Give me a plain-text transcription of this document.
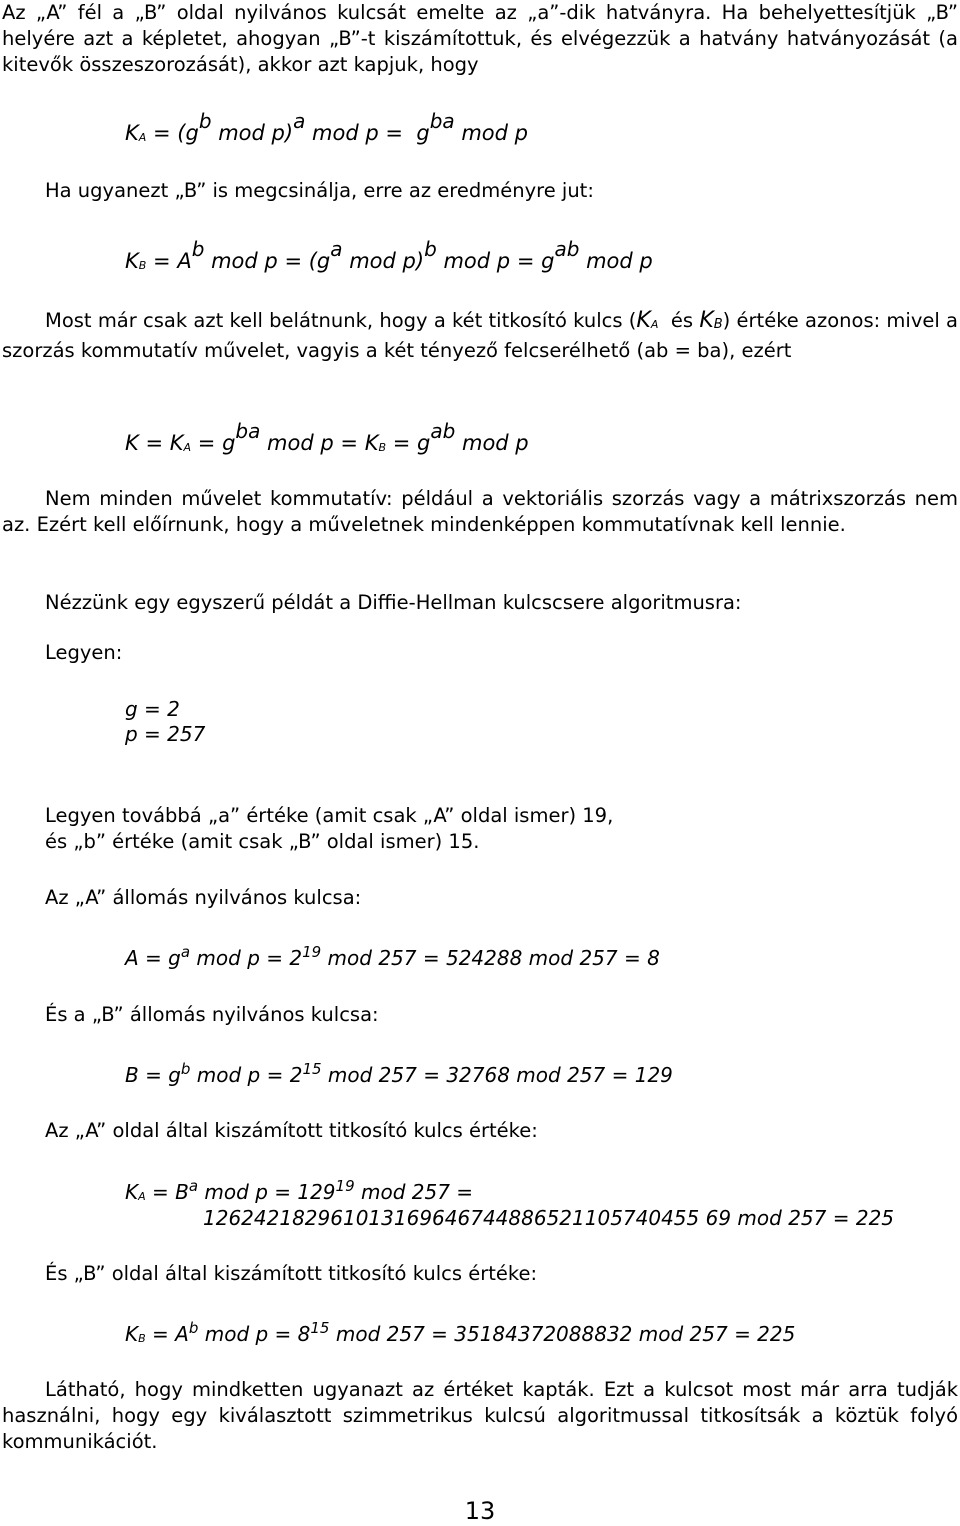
Az „A” fél a „B” oldal nyilvános kulcsát emelte az „a”-dik hatványra. Ha behelyettesítjük „B” helyére azt a képletet, ahogyan „B”-t kiszámítottuk, és elvégezzük a hatvány hatványozását (a kitevők összeszorozását), akkor azt kapjuk, hogy

KA = (gb mod p)a mod p = gba mod p

Ha ugyanezt „B” is megcsinálja, erre az eredményre jut:

KB = Ab mod p = (ga mod p)b mod p = gab mod p

Most már csak azt kell belátnunk, hogy a két titkosító kulcs (KA és KB) értéke azonos: mivel a szorzás kommutatív művelet, vagyis a két tényező felcserélhető (ab = ba), ezért

K = KA = gba mod p = KB = gab mod p

Nem minden művelet kommutatív: például a vektoriális szorzás vagy a mátrixszorzás nem az. Ezért kell előírnunk, hogy a műveletnek mindenképpen kommutatívnak kell lennie.

Nézzünk egy egyszerű példát a Diffie-Hellman kulcscsere algoritmusra:

Legyen:

g = 2
p = 257
Legyen továbbá „a” értéke (amit csak „A” oldal ismer) 19,
és „b” értéke (amit csak „B” oldal ismer) 15.

Az „A” állomás nyilvános kulcsa:

$A = g^a$ mod $p = 2^{19}$ mod 257 = 524288 mod 257 = 8

És a „B” állomás nyilvános kulcsa:

$B = g^b$ mod $p = 2^{15}$ mod 257 = 32768 mod 257 = 129

Az „A” oldal által kiszámított titkosító kulcs értéke:

KA = $B^a$ mod $p = 129^{19}$ mod 257 =
126242182961013169646744886521105740455 69 mod 257 = 225

És „B” oldal által kiszámított titkosító kulcs értéke:

KB = $A^b$ mod $p = 8^{15}$ mod 257 = 35184372088832 mod 257 = 225

Látható, hogy mindketten ugyanazt az értéket kapták. Ezt a kulcsot most már arra tudják használni, hogy egy kiválasztott szimmetrikus kulcsú algoritmussal titkosítsák a köztük folyó kommunikációt.

13
